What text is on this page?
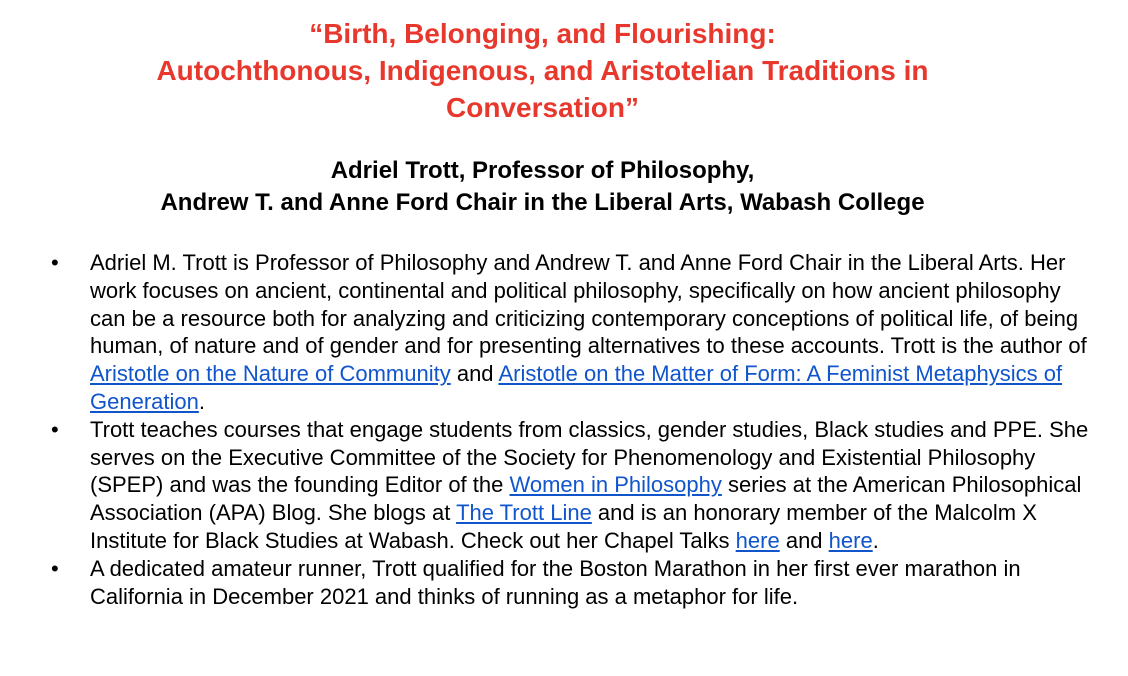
“Birth, Belonging, and Flourishing:
Autochthonous, Indigenous, and Aristotelian Traditions in
Conversation”
Adriel Trott, Professor of Philosophy,
Andrew T. and Anne Ford Chair in the Liberal Arts, Wabash College
• Adriel M. Trott is Professor of Philosophy and Andrew T. and Anne Ford Chair in the Liberal Arts. Her work focuses on ancient, continental and political philosophy, specifically on how ancient philosophy can be a resource both for analyzing and criticizing contemporary conceptions of political life, of being human, of nature and of gender and for presenting alternatives to these accounts. Trott is the author of Aristotle on the Nature of Community and Aristotle on the Matter of Form: A Feminist Metaphysics of Generation.
• Trott teaches courses that engage students from classics, gender studies, Black studies and PPE. She serves on the Executive Committee of the Society for Phenomenology and Existential Philosophy (SPEP) and was the founding Editor of the Women in Philosophy series at the American Philosophical Association (APA) Blog. She blogs at The Trott Line and is an honorary member of the Malcolm X Institute for Black Studies at Wabash. Check out her Chapel Talks here and here.
• A dedicated amateur runner, Trott qualified for the Boston Marathon in her first ever marathon in California in December 2021 and thinks of running as a metaphor for life.
